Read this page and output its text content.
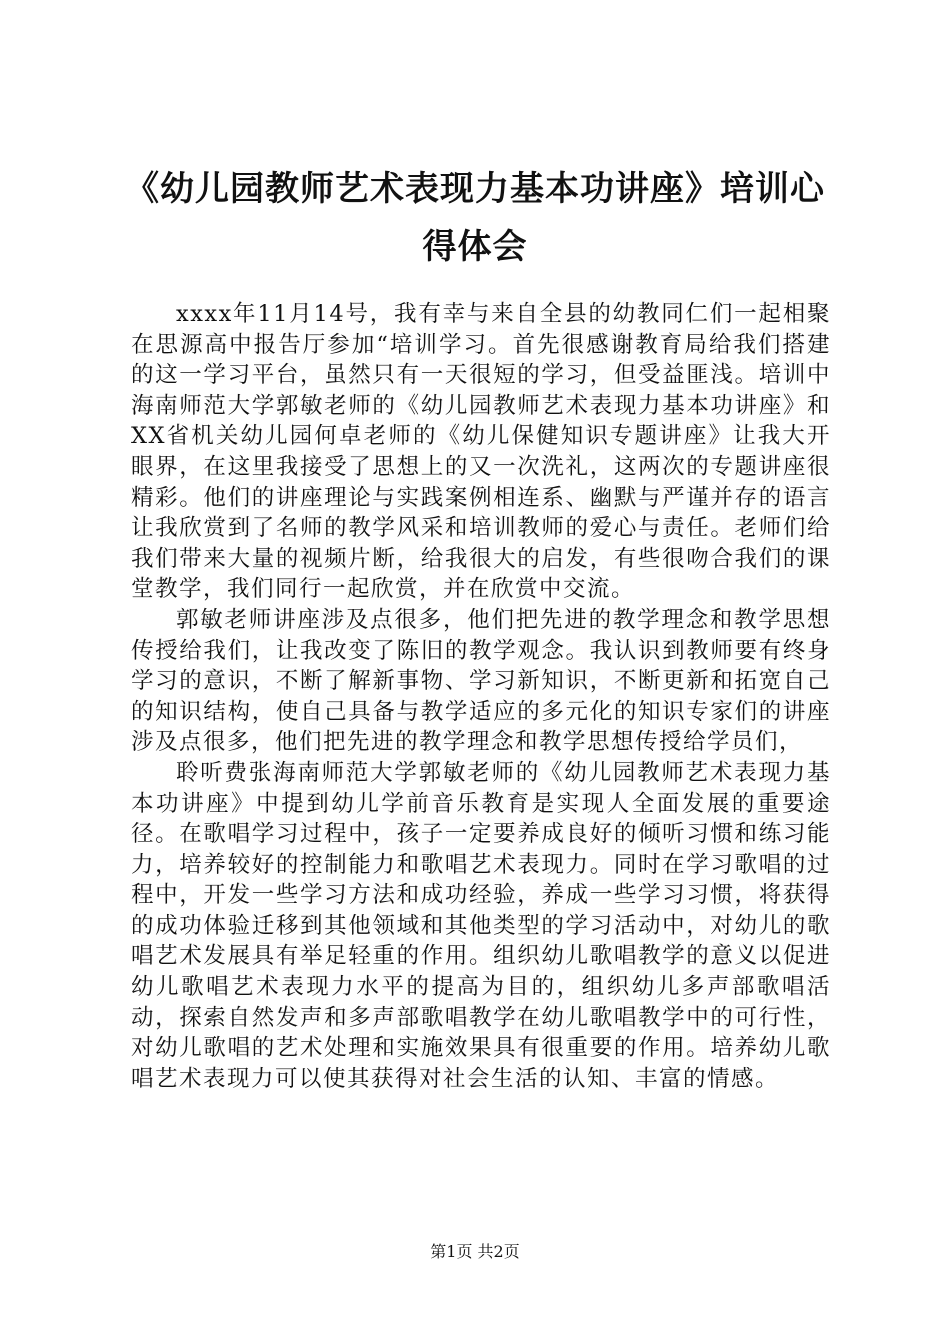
《幼儿园教师艺术表现力基本功讲座》培训心得体会

xxxx年11月14号，我有幸与来自全县的幼教同仁们一起相聚在思源高中报告厅参加“培训学习。首先很感谢教育局给我们搭建的这一学习平台，虽然只有一天很短的学习，但受益匪浅。培训中海南师范大学郭敏老师的《幼儿园教师艺术表现力基本功讲座》和XX省机关幼儿园何卓老师的《幼儿保健知识专题讲座》让我大开眼界，在这里我接受了思想上的又一次洗礼，这两次的专题讲座很精彩。他们的讲座理论与实践案例相连系、幽默与严谨并存的语言让我欣赏到了名师的教学风采和培训教师的爱心与责任。老师们给我们带来大量的视频片断，给我很大的启发，有些很吻合我们的课堂教学，我们同行一起欣赏，并在欣赏中交流。

郭敏老师讲座涉及点很多，他们把先进的教学理念和教学思想传授给我们，让我改变了陈旧的教学观念。我认识到教师要有终身学习的意识，不断了解新事物、学习新知识，不断更新和拓宽自己的知识结构，使自己具备与教学适应的多元化的知识专家们的讲座涉及点很多，他们把先进的教学理念和教学思想传授给学员们，

聆听费张海南师范大学郭敏老师的《幼儿园教师艺术表现力基本功讲座》中提到幼儿学前音乐教育是实现人全面发展的重要途径。在歌唱学习过程中，孩子一定要养成良好的倾听习惯和练习能力，培养较好的控制能力和歌唱艺术表现力。同时在学习歌唱的过程中，开发一些学习方法和成功经验，养成一些学习习惯，将获得的成功体验迁移到其他领域和其他类型的学习活动中，对幼儿的歌唱艺术发展具有举足轻重的作用。组织幼儿歌唱教学的意义以促进幼儿歌唱艺术表现力水平的提高为目的，组织幼儿多声部歌唱活动，探索自然发声和多声部歌唱教学在幼儿歌唱教学中的可行性，对幼儿歌唱的艺术处理和实施效果具有很重要的作用。培养幼儿歌唱艺术表现力可以使其获得对社会生活的认知、丰富的情感。

第1页 共2页
